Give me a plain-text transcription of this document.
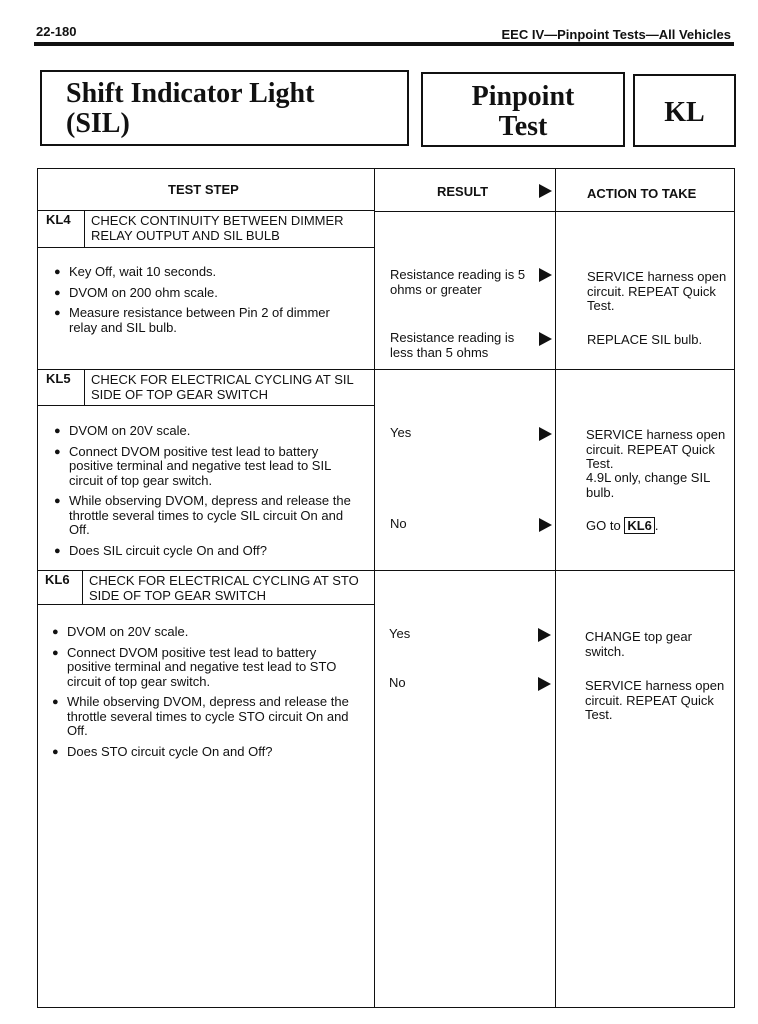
22-180	EEC IV—Pinpoint Tests—All Vehicles
Shift Indicator Light
(SIL)
Pinpoint
Test	KL
TEST STEP	RESULT	ACTION TO TAKE
KL4 CHECK CONTINUITY BETWEEN DIMMER RELAY OUTPUT AND SIL BULB
● Key Off, wait 10 seconds.
● DVOM on 200 ohm scale.
● Measure resistance between Pin 2 of dimmer relay and SIL bulb.
Resistance reading is 5 ohms or greater
SERVICE harness open circuit. REPEAT Quick Test.
Resistance reading is less than 5 ohms
REPLACE SIL bulb.
KL5 CHECK FOR ELECTRICAL CYCLING AT SIL SIDE OF TOP GEAR SWITCH
● DVOM on 20V scale.
● Connect DVOM positive test lead to battery positive terminal and negative test lead to SIL circuit of top gear switch.
● While observing DVOM, depress and release the throttle several times to cycle SIL circuit On and Off.
● Does SIL circuit cycle On and Off?
Yes	SERVICE harness open circuit. REPEAT Quick Test.
4.9L only, change SIL bulb.
No	GO to KL6 .
KL6 CHECK FOR ELECTRICAL CYCLING AT STO SIDE OF TOP GEAR SWITCH
● DVOM on 20V scale.
● Connect DVOM positive test lead to battery positive terminal and negative test lead to STO circuit of top gear switch.
● While observing DVOM, depress and release the throttle several times to cycle STO circuit On and Off.
● Does STO circuit cycle On and Off?
Yes	CHANGE top gear switch.
No	SERVICE harness open circuit. REPEAT Quick Test.
